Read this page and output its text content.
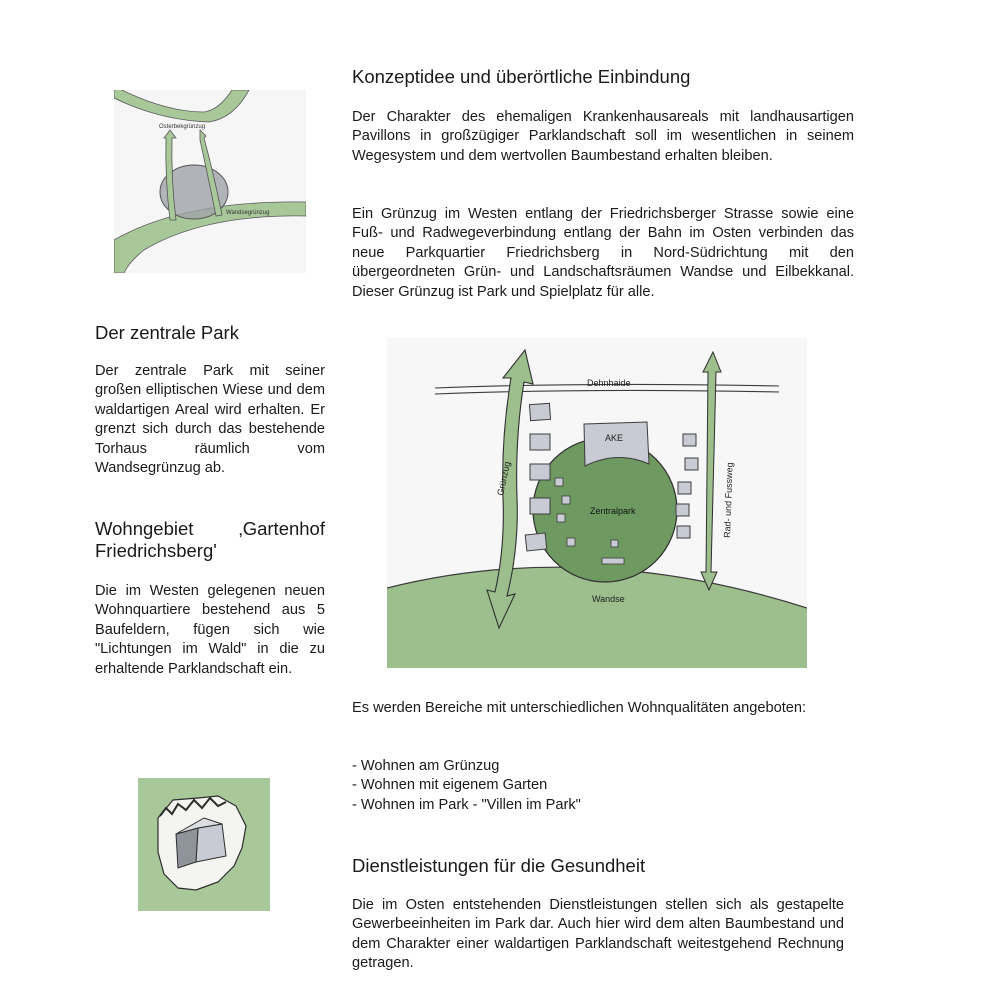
Osterbekgrünzug
Wandsegrünzug
Konzeptidee und überörtliche Einbindung

Der Charakter des ehemaligen Krankenhausareals mit landhausartigen Pavillons in großzügiger Parklandschaft soll im wesentlichen in seinem Wegesystem und dem wertvollen Baumbestand erhalten bleiben.

Ein Grünzug im Westen entlang der Friedrichsberger Strasse sowie eine Fuß- und Radwegeverbindung entlang der Bahn im Osten verbinden das neue Parkquartier Friedrichsberg in Nord-Südrichtung mit den übergeordneten Grün- und Landschaftsräumen Wandse und Eilbekkanal. Dieser Grünzug ist Park und Spielplatz für alle.

Der zentrale Park

Der zentrale Park mit seiner großen elliptischen Wiese und dem waldartigen Areal wird erhalten. Er grenzt sich durch das bestehende Torhaus räumlich vom Wandsegrünzug ab.

Wohngebiet ‚Gartenhof
Friedrichsberg'

Die im Westen gelegenen neuen Wohnquartiere bestehend aus 5 Baufeldern, fügen sich wie "Lichtungen im Wald" in die zu erhaltende Parklandschaft ein.

Dehnhaide
AKE
Zentralpark
Grünzug	Rad- und Fussweg
Wandse

Es werden Bereiche mit unterschiedlichen Wohnqualitäten angeboten:

- Wohnen am Grünzug
- Wohnen mit eigenem Garten
- Wohnen im Park - "Villen im Park"
Dienstleistungen für die Gesundheit

Die im Osten entstehenden Dienstleistungen stellen sich als gestapelte Gewerbeeinheiten im Park dar. Auch hier wird dem alten Baumbestand und dem Charakter einer waldartigen Parklandschaft weitestgehend Rechnung getragen.
